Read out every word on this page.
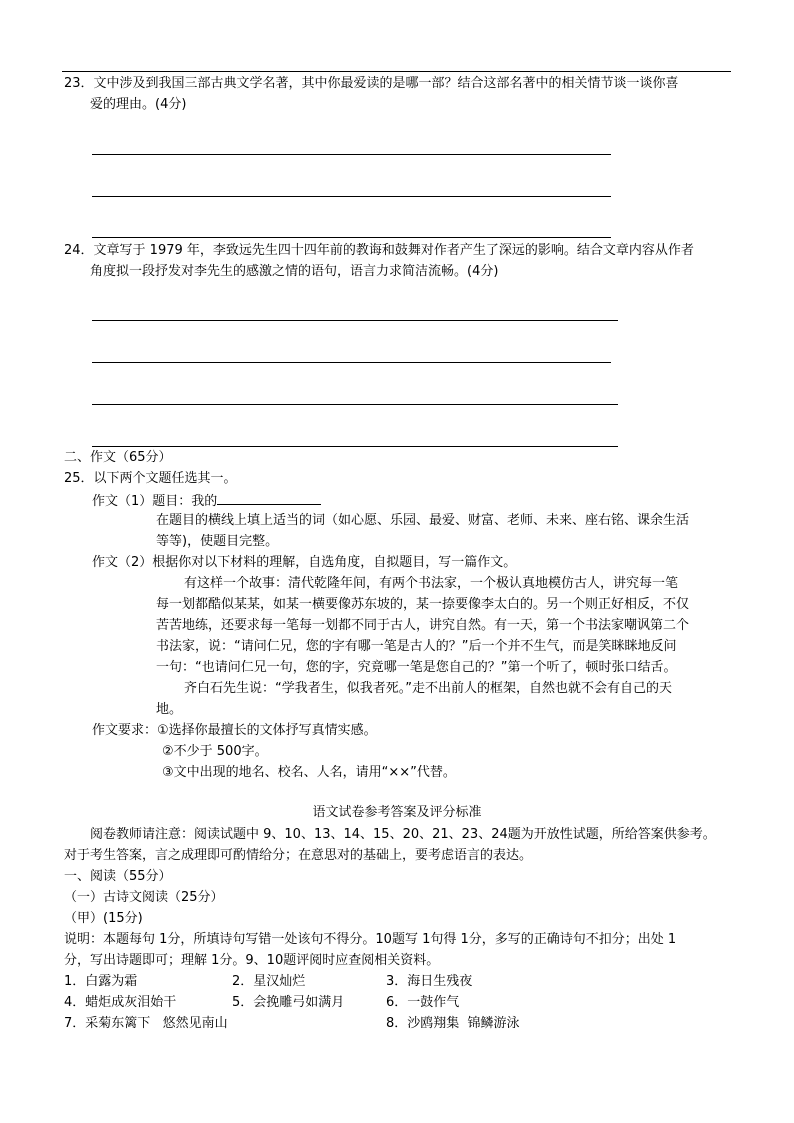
23．文中涉及到我国三部古典文学名著，其中你最爱读的是哪一部？结合这部名著中的相关情节谈一谈你喜
爱的理由。(4分)
24．文章写于 1979 年，李致远先生四十四年前的教诲和鼓舞对作者产生了深远的影响。结合文章内容从作者
角度拟一段抒发对李先生的感激之情的语句，语言力求简洁流畅。(4分)
二、作文（65分）
25．以下两个文题任选其一。
作文（1）题目：我的
在题目的横线上填上适当的词（如心愿、乐园、最爱、财富、老师、未来、座右铭、课余生活
等等)，使题目完整。
作文（2）根据你对以下材料的理解，自选角度，自拟题目，写一篇作文。
有这样一个故事：清代乾隆年间，有两个书法家，一个极认真地模仿古人，讲究每一笔
每一划都酷似某某，如某一横要像苏东坡的，某一捺要像李太白的。另一个则正好相反，不仅
苦苦地练，还要求每一笔每一划都不同于古人，讲究自然。有一天，第一个书法家嘲讽第二个
书法家，说：“请问仁兄，您的字有哪一笔是古人的？”后一个并不生气，而是笑眯眯地反问
一句：“也请问仁兄一句，您的字，究竟哪一笔是您自己的？”第一个听了，顿时张口结舌。
齐白石先生说：“学我者生，似我者死。”走不出前人的框架，自然也就不会有自己的天
地。
作文要求：①选择你最擅长的文体抒写真情实感。
②不少于 500字。
③文中出现的地名、校名、人名，请用“××”代替。
语文试卷参考答案及评分标准
阅卷教师请注意：阅读试题中 9、10、13、14、15、20、21、23、24题为开放性试题，所给答案供参考。
对于考生答案，言之成理即可酌情给分；在意思对的基础上，要考虑语言的表达。
一、阅读（55分）
（一）古诗文阅读（25分）
（甲）(15分)
说明：本题每句 1分，所填诗句写错一处该句不得分。10题写 1句得 1分，多写的正确诗句不扣分；出处 1
分，写出诗题即可；理解 1分。9、10题评阅时应查阅相关资料。
1．白露为霜	2．星汉灿烂	3．海日生残夜
4．蜡炬成灰泪始干	5．会挽雕弓如满月	6．一鼓作气
7．采菊东篱下   悠然见南山	8．沙鸥翔集  锦鳞游泳
